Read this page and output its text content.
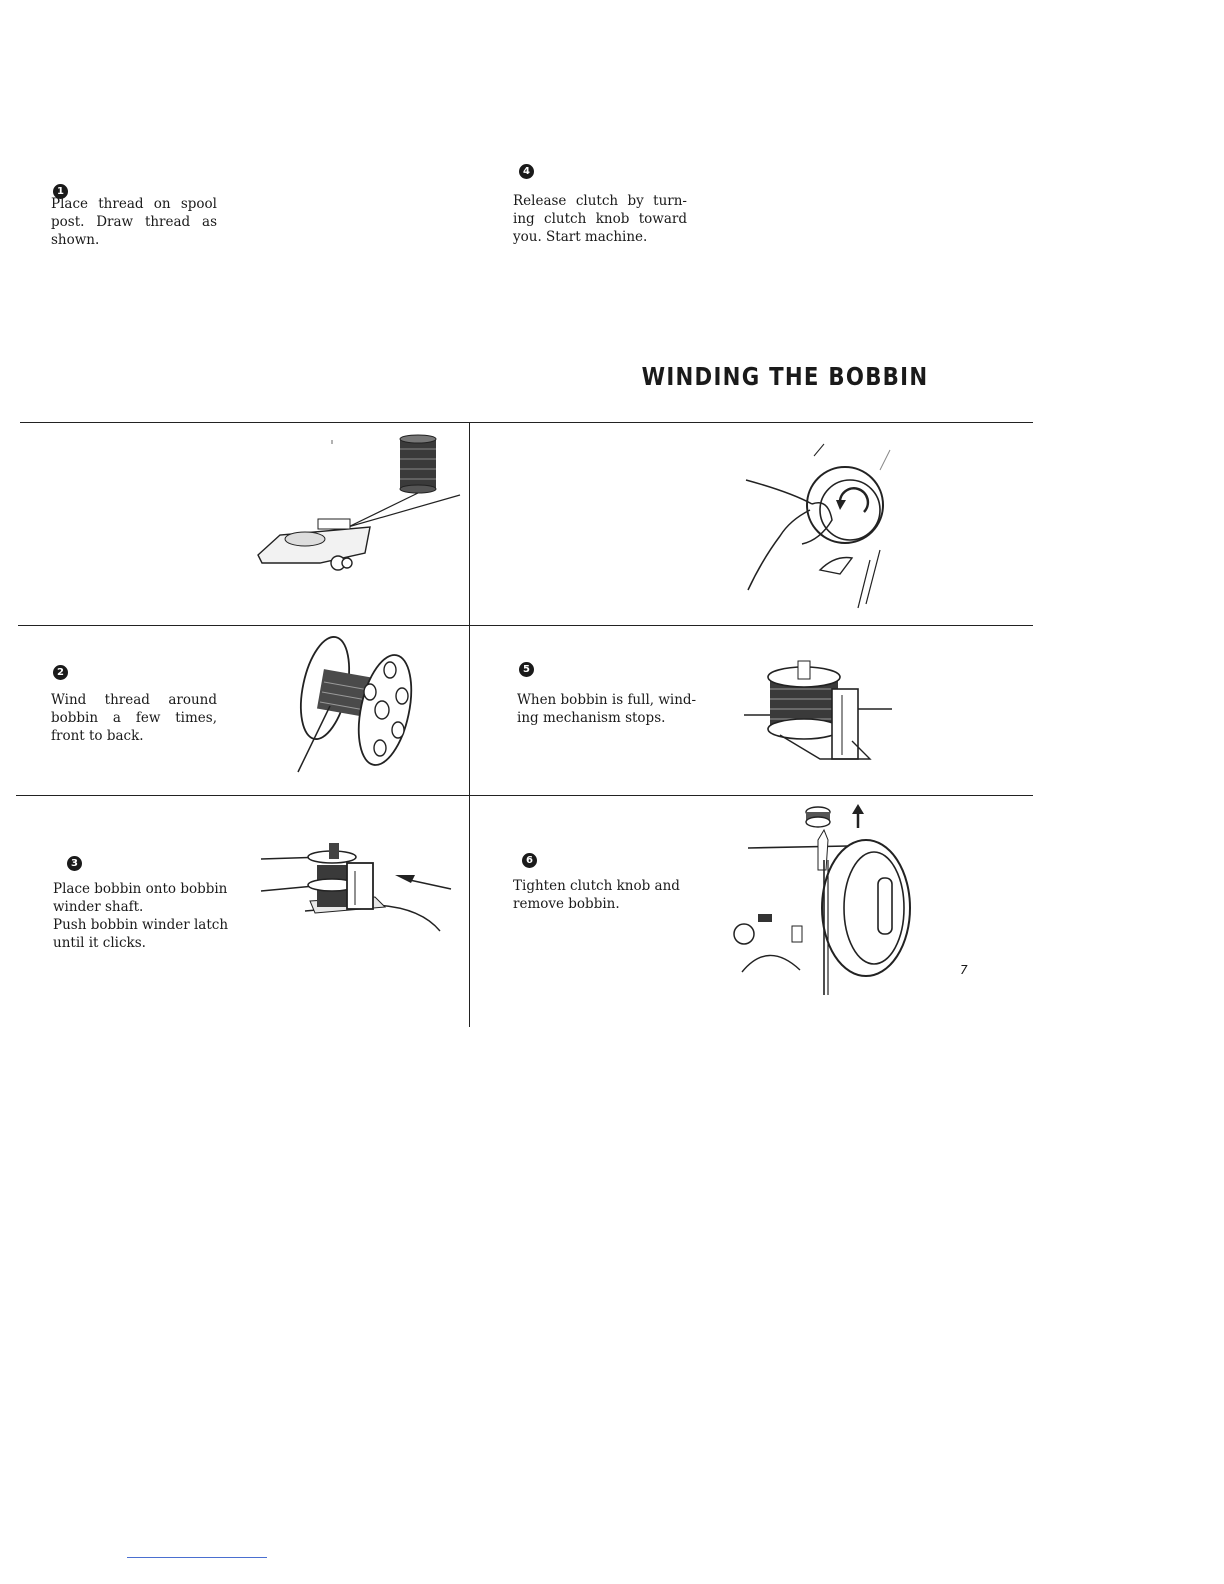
WINDING THE BOBBIN
1
Place thread on spool
post. Draw thread as
shown.
2
Wind thread around
bobbin a few times,
front to back.
3
Place bobbin onto bobbin
winder shaft.
Push bobbin winder latch
until it clicks.
4
Release clutch by turn-
ing clutch knob toward
you. Start machine.
5
When bobbin is full, wind-
ing mechanism stops.
6
Tighten clutch knob and
remove bobbin.
7
